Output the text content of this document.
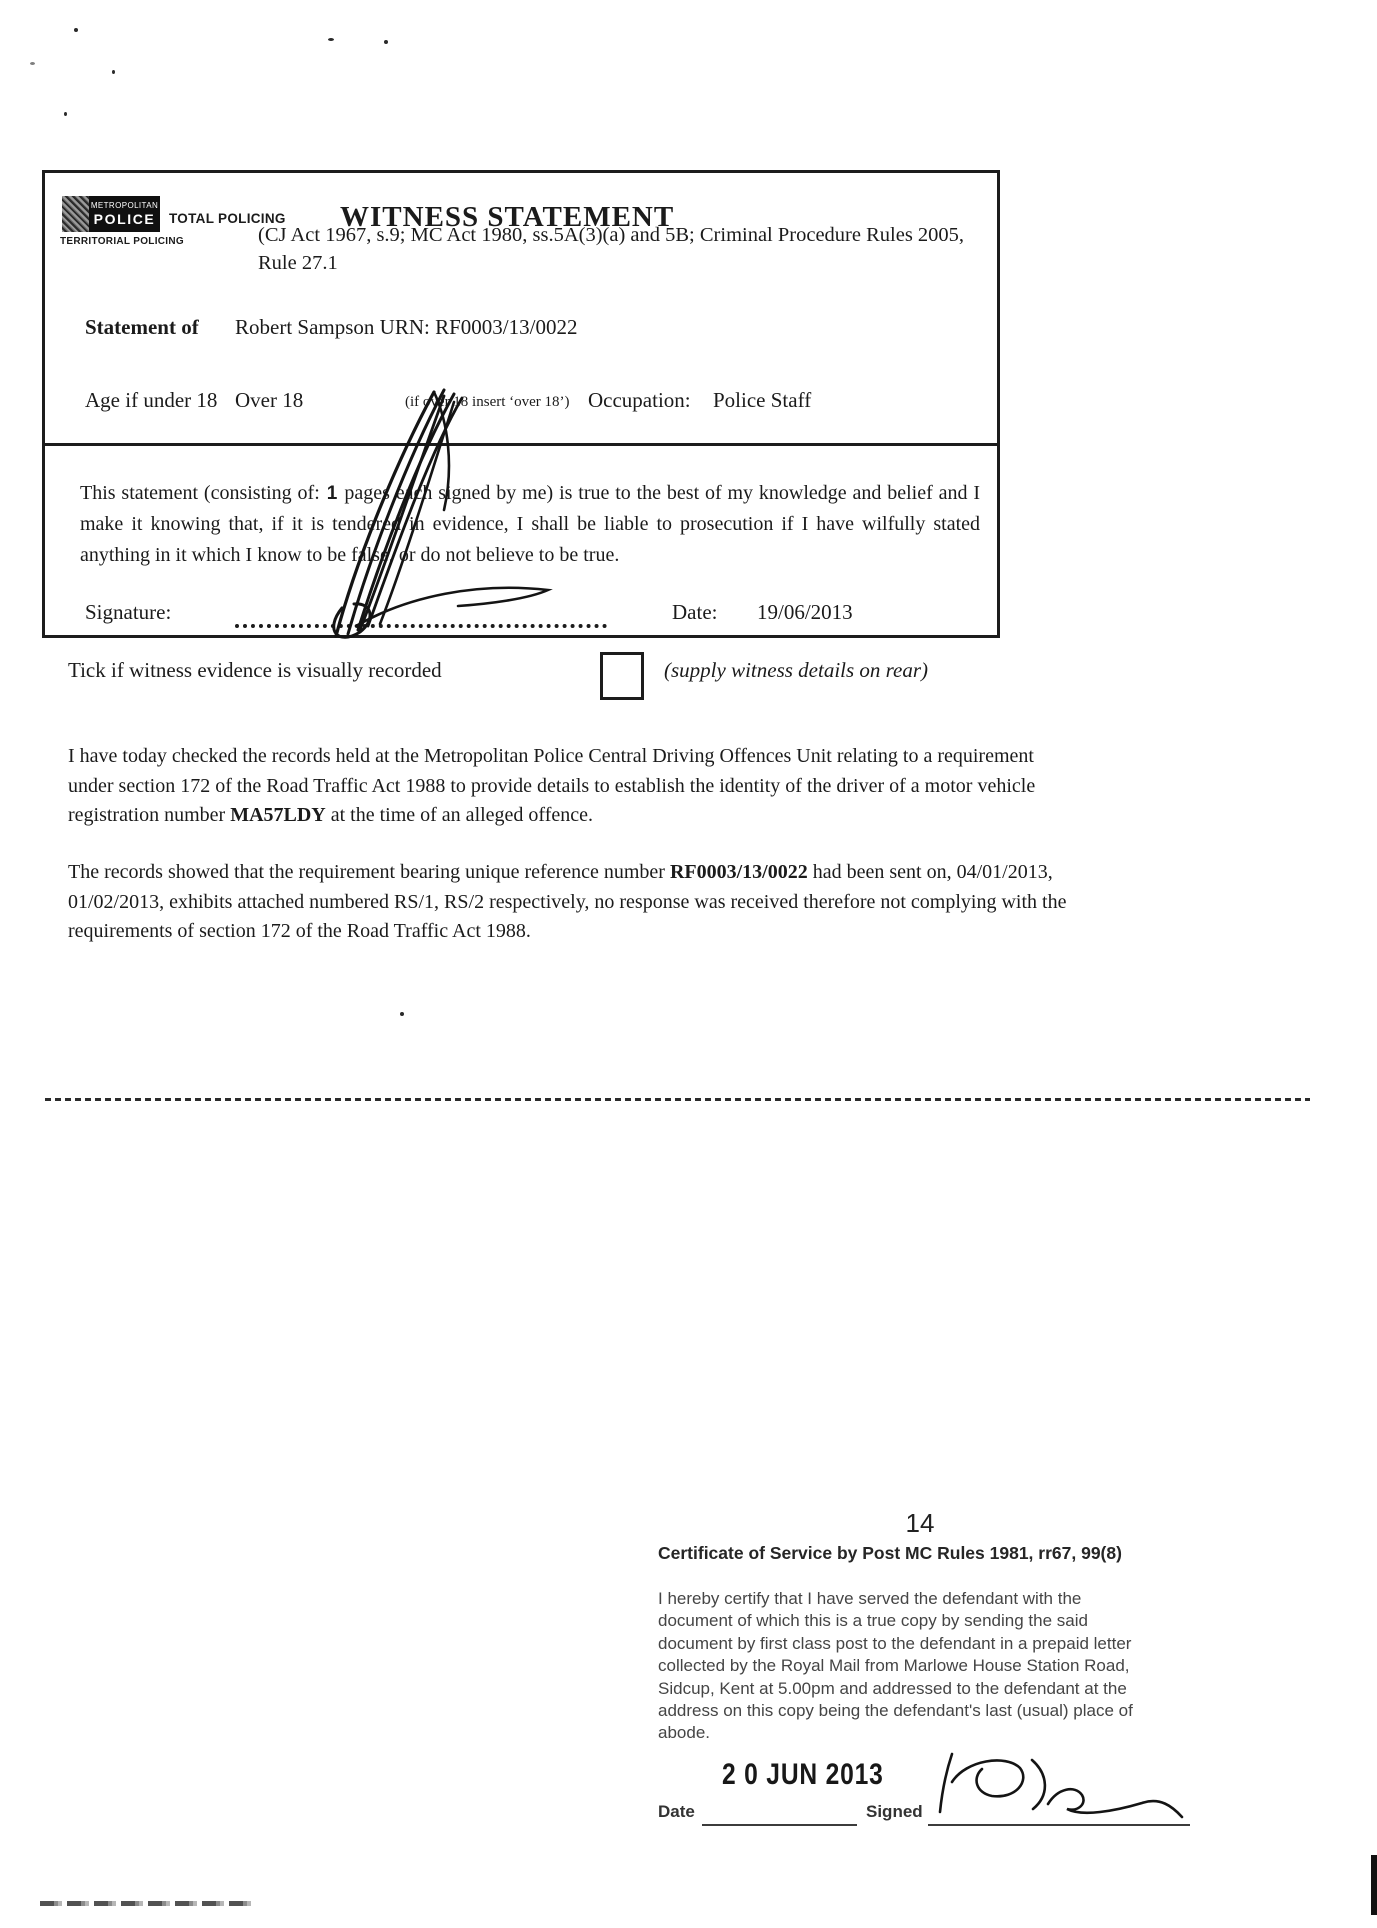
METROPOLITAN
POLICE
TERRITORIAL POLICING
TOTAL POLICING WITNESS STATEMENT
(CJ Act 1967, s.9; MC Act 1980, ss.5A(3)(a) and 5B; Criminal Procedure Rules 2005, Rule 27.1
Statement of Robert Sampson URN: RF0003/13/0022
Age if under 18 Over 18	(if over 18 insert ‘over 18’) Occupation: Police Staff

This statement (consisting of: 1 pages each signed by me) is true to the best of my knowledge and belief and I make it knowing that, if it is tendered in evidence, I shall be liable to prosecution if I have wilfully stated anything in it which I know to be false, or do not believe to be true.

Signature:	Date: 19/06/2013
Tick if witness evidence is visually recorded	(supply witness details on rear)

I have today checked the records held at the Metropolitan Police Central Driving Offences Unit relating to a requirement under section 172 of the Road Traffic Act 1988 to provide details to establish the identity of the driver of a motor vehicle registration number MA57LDY at the time of an alleged offence.

The records showed that the requirement bearing unique reference number RF0003/13/0022 had been sent on, 04/01/2013, 01/02/2013, exhibits attached numbered RS/1, RS/2 respectively, no response was received therefore not complying with the requirements of section 172 of the Road Traffic Act 1988.

14
Certificate of Service by Post MC Rules 1981, rr67, 99(8)
I hereby certify that I have served the defendant with the document of which this is a true copy by sending the said document by first class post to the defendant in a prepaid letter collected by the Royal Mail from Marlowe House Station Road, Sidcup, Kent at 5.00pm and addressed to the defendant at the address on this copy being the defendant's last (usual) place of abode.
Date
2 0 JUN 2013
Signed
